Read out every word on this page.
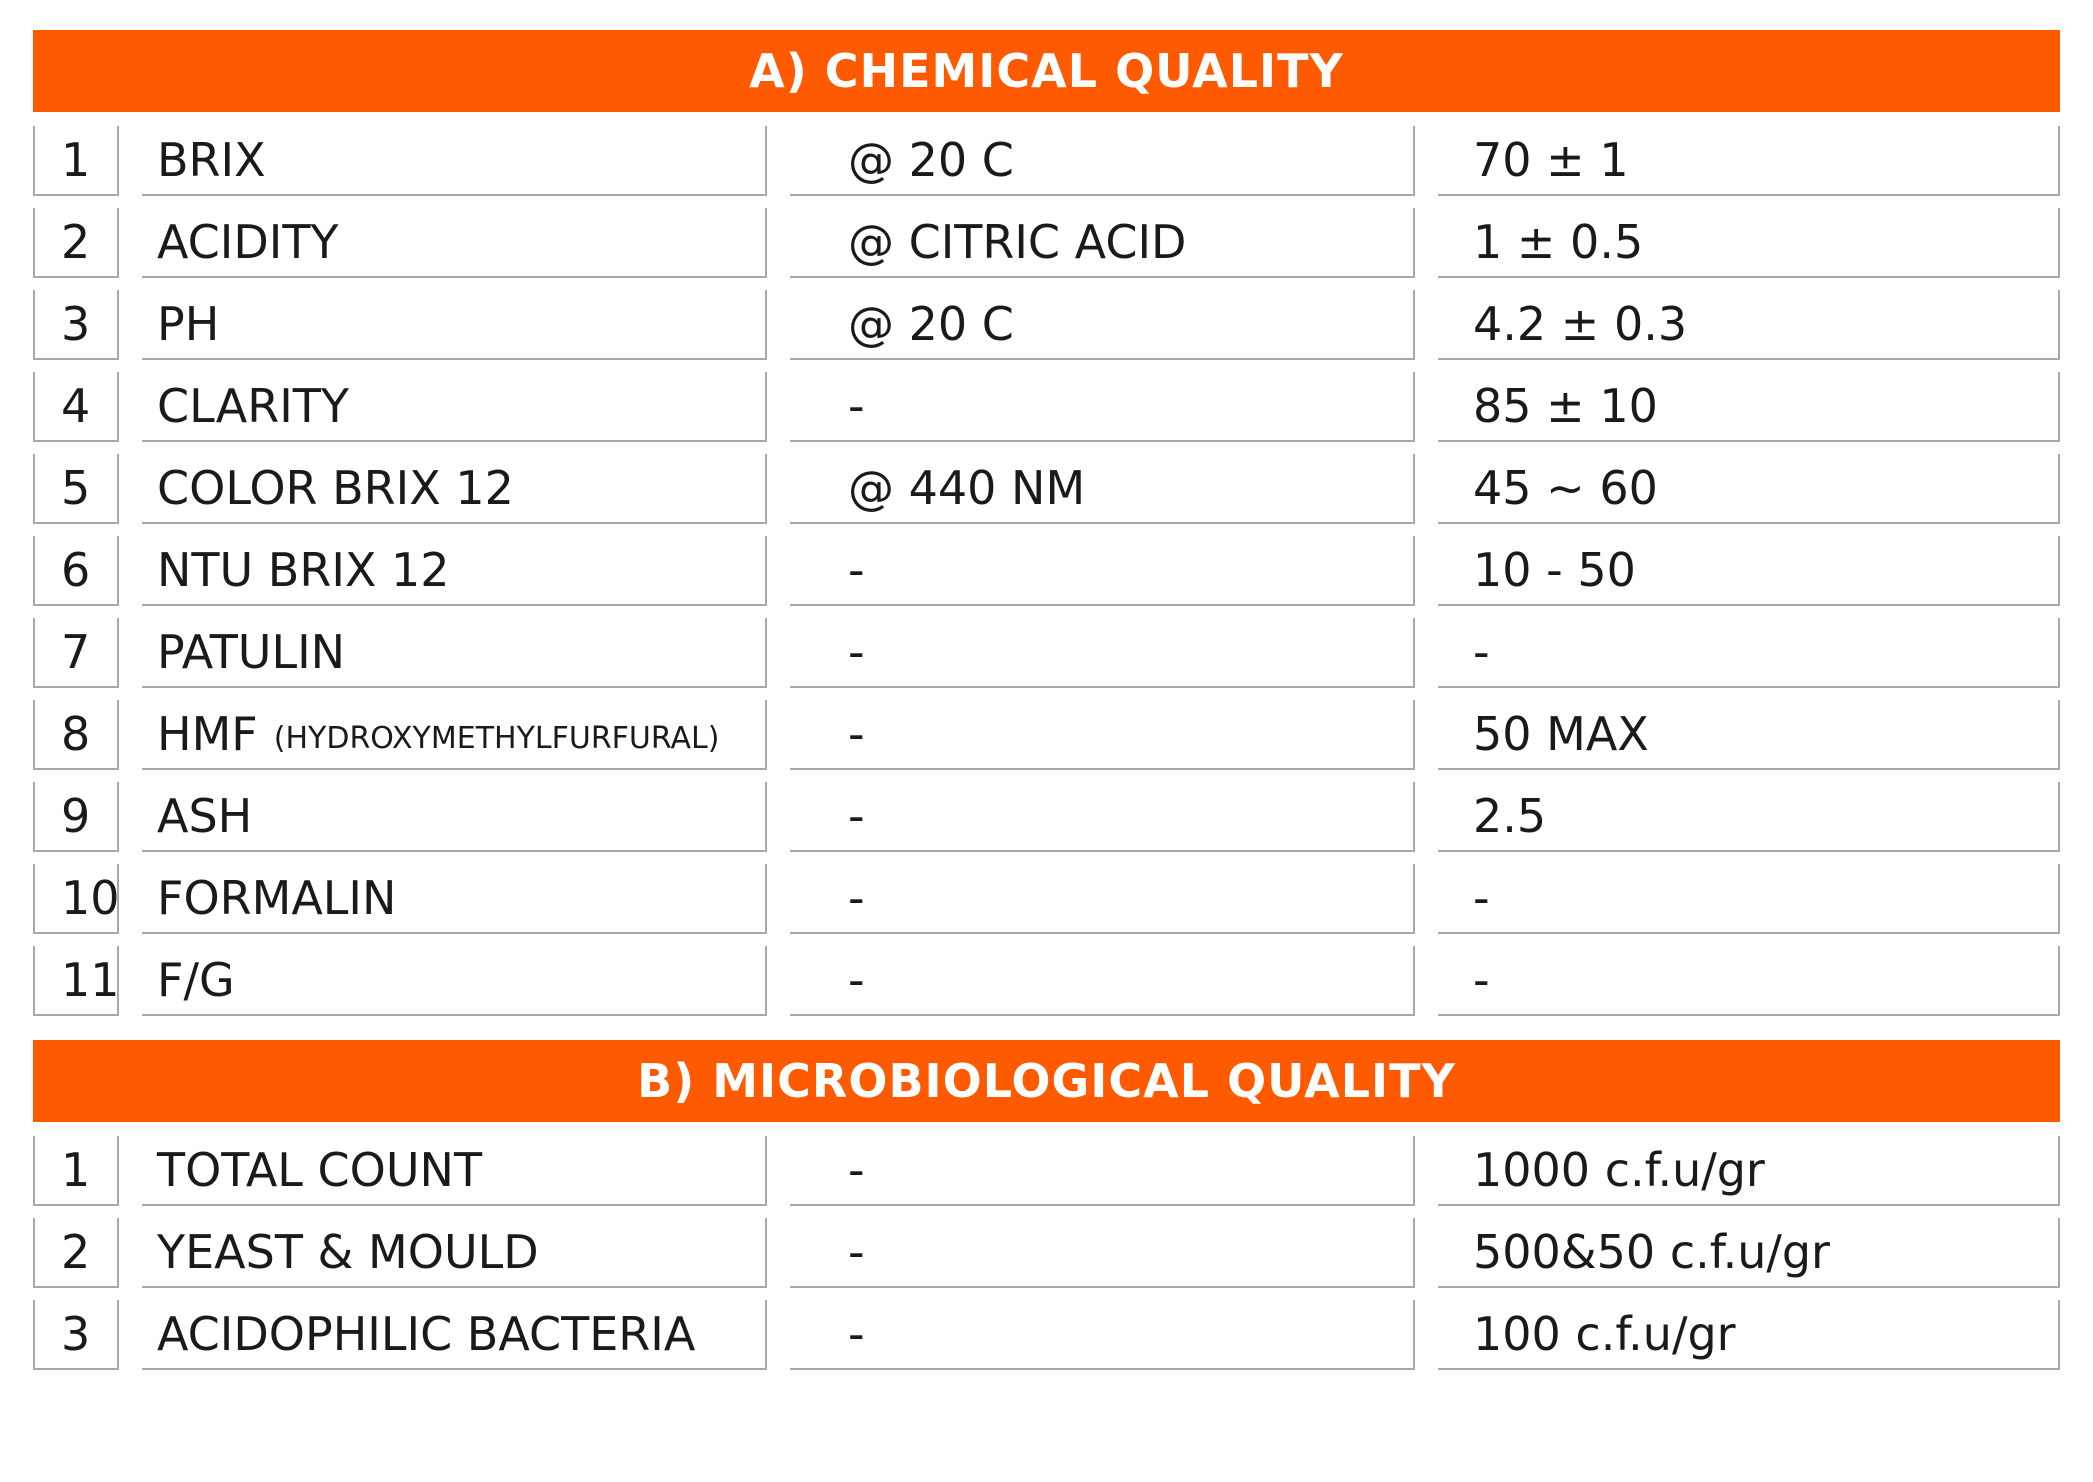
A) CHEMICAL QUALITY
1	BRIX	@ 20 C	70 ± 1
2	ACIDITY	@ CITRIC ACID	1 ± 0.5
3	PH	@ 20 C	4.2 ± 0.3
4	CLARITY	-	85 ± 10
5	COLOR BRIX 12	@ 440 NM	45 ~ 60
6	NTU BRIX 12	-	10 - 50
7	PATULIN	-	-
8	HMF (HYDROXYMETHYLFURFURAL)	-	50 MAX
9	ASH	-	2.5
10 FORMALIN	-	-
11 F/G	-	-
B) MICROBIOLOGICAL QUALITY
1	TOTAL COUNT	-	1000 c.f.u/gr
2	YEAST & MOULD	-	500&50 c.f.u/gr
3	ACIDOPHILIC BACTERIA	-	100 c.f.u/gr
